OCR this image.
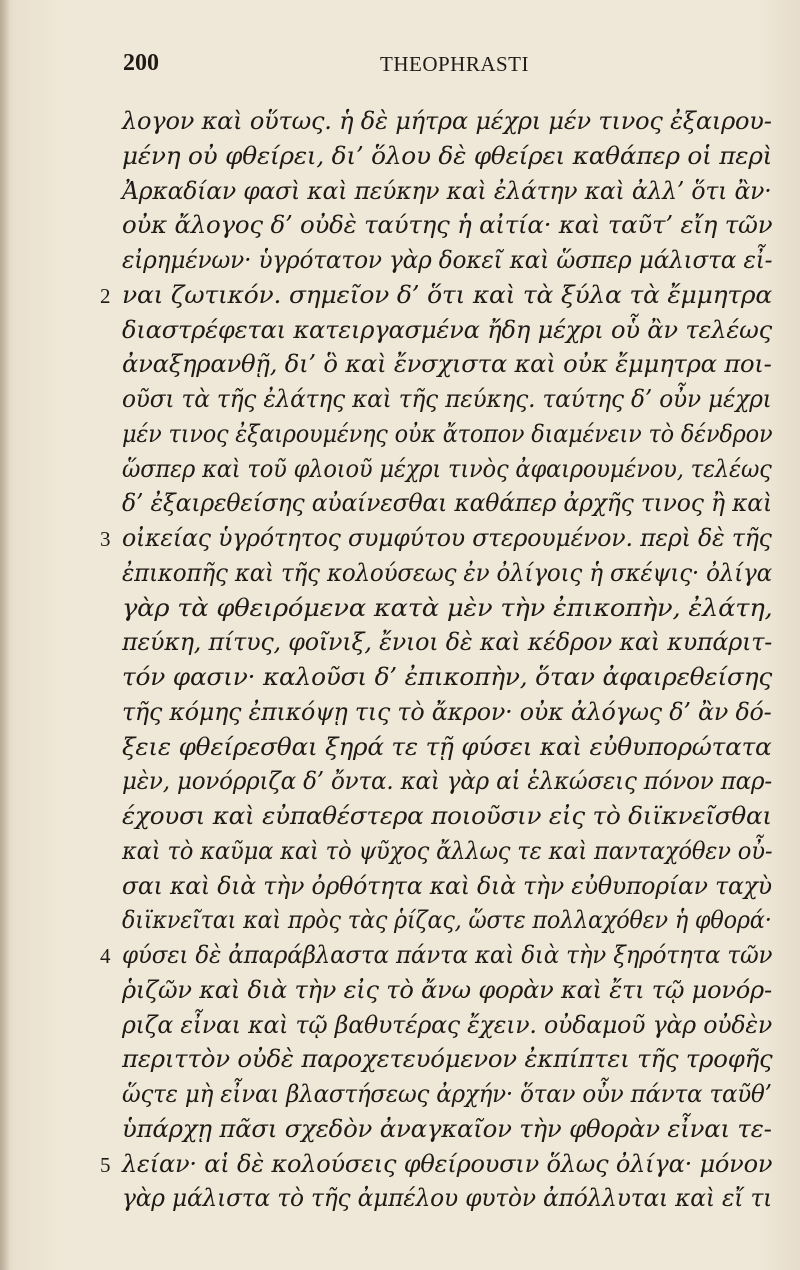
200	THEOPHRASTI
λογον καὶ οὕτως. ἡ δὲ μήτρα μέχρι μέν τινος ἐξαιρου-
μένη οὐ φθείρει, δι’ ὅλου δὲ φθείρει καθάπερ οἱ περὶ
Ἀρκαδίαν φασὶ καὶ πεύκην καὶ ἐλάτην καὶ ἀλλ’ ὅτι ἂν·
οὐκ ἄλογος δ’ οὐδὲ ταύτης ἡ αἰτία· καὶ ταῦτ’ εἴη τῶν
εἰρημένων· ὑγρότατον γὰρ δοκεῖ καὶ ὥσπερ μάλιστα εἶ-
2 ναι ζωτικόν. σημεῖον δ’ ὅτι καὶ τὰ ξύλα τὰ ἔμμητρα
διαστρέφεται κατειργασμένα ἤδη μέχρι οὗ ἂν τελέως
ἀναξηρανθῇ, δι’ ὃ καὶ ἔνσχιστα καὶ οὐκ ἔμμητρα ποι-
οῦσι τὰ τῆς ἐλάτης καὶ τῆς πεύκης. ταύτης δ’ οὖν μέχρι
μέν τινος ἐξαιρουμένης οὐκ ἄτοπον διαμένειν τὸ δένδρον
ὥσπερ καὶ τοῦ φλοιοῦ μέχρι τινὸς ἀφαιρουμένου, τελέως
δ’ ἐξαιρεθείσης αὐαίνεσθαι καθάπερ ἀρχῆς τινος ἢ καὶ
3 οἰκείας ὑγρότητος συμφύτου στερουμένον. περὶ δὲ τῆς
ἐπικοπῆς καὶ τῆς κολούσεως ἐν ὀλίγοις ἡ σκέψις· ὀλίγα
γὰρ τὰ φθειρόμενα κατὰ μὲν τὴν ἐπικοπὴν, ἐλάτη,
πεύκη, πίτυς, φοῖνιξ, ἔνιοι δὲ καὶ κέδρον καὶ κυπάριτ-
τόν φασιν· καλοῦσι δ’ ἐπικοπὴν, ὅταν ἀφαιρεθείσης
τῆς κόμης ἐπικόψῃ τις τὸ ἄκρον· οὐκ ἀλόγως δ’ ἂν δό-
ξειε φθείρεσθαι ξηρά τε τῇ φύσει καὶ εὐθυπορώτατα
μὲν, μονόρριζα δ’ ὄντα. καὶ γὰρ αἱ ἑλκώσεις πόνον παρ-
έχουσι καὶ εὐπαθέστερα ποιοῦσιν εἰς τὸ διϊκνεῖσθαι
καὶ τὸ καῦμα καὶ τὸ ψῦχος ἄλλως τε καὶ πανταχόθεν οὖ-
σαι καὶ διὰ τὴν ὀρθότητα καὶ διὰ τὴν εὐθυπορίαν ταχὺ
διϊκνεῖται καὶ πρὸς τὰς ῥίζας, ὥστε πολλαχόθεν ἡ φθορά·
4 φύσει δὲ ἀπαράβλαστα πάντα καὶ διὰ τὴν ξηρότητα τῶν
ῥιζῶν καὶ διὰ τὴν εἰς τὸ ἄνω φορὰν καὶ ἔτι τῷ μονόρ-
ριζα εἶναι καὶ τῷ βαθυτέρας ἔχειν. οὐδαμοῦ γὰρ οὐδὲν
περιττὸν οὐδὲ παροχετευόμενον ἐκπίπτει τῆς τροφῆς
ὥςτε μὴ εἶναι βλαστήσεως ἀρχήν· ὅταν οὖν πάντα ταῦθ’
ὑπάρχῃ πᾶσι σχεδὸν ἀναγκαῖον τὴν φθορὰν εἶναι τε-
5 λείαν· αἱ δὲ κολούσεις φθείρουσιν ὅλως ὀλίγα· μόνον
γὰρ μάλιστα τὸ τῆς ἀμπέλου φυτὸν ἀπόλλυται καὶ εἴ τι
